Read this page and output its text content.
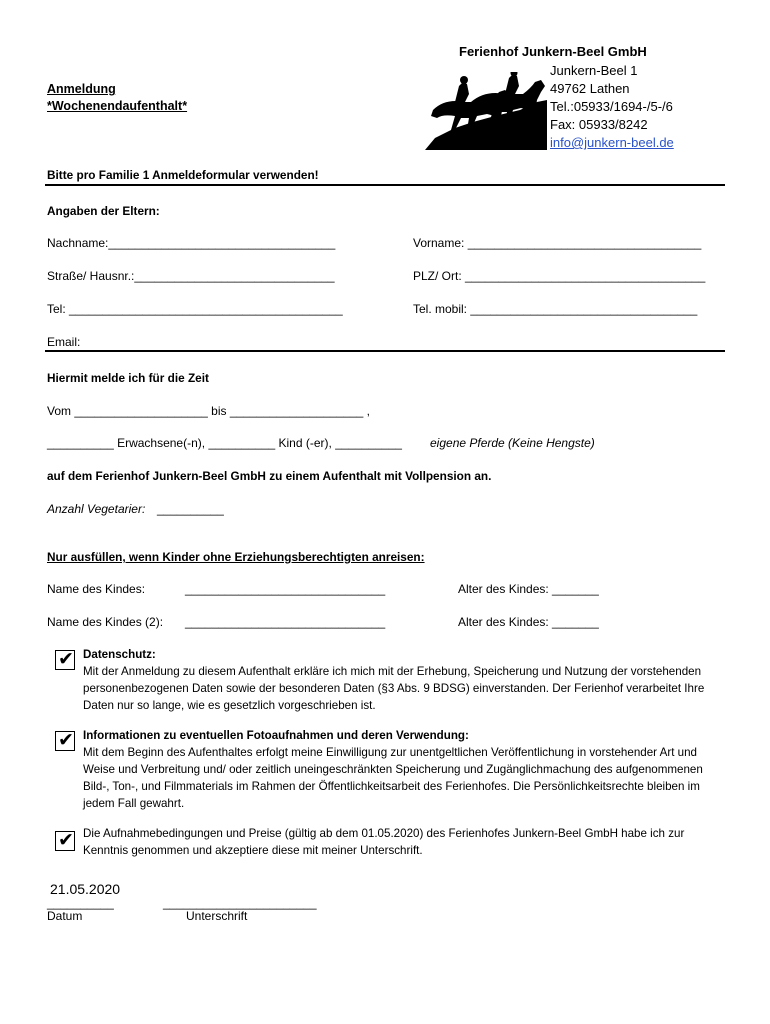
Ferienhof Junkern-Beel GmbH
Junkern-Beel 1
49762 Lathen
Tel.:05933/1694-/5-/6
Fax: 05933/8242
info@junkern-beel.de
Anmeldung
*Wochenendaufenthalt*
Bitte pro Familie 1 Anmeldeformular verwenden!
Angaben der Eltern:
Nachname:__________________________________	Vorname: ___________________________________
Straße/ Hausnr.:______________________________	PLZ/ Ort: ____________________________________
Tel: _________________________________________	Tel. mobil: __________________________________
Email:
Hiermit melde ich für die Zeit
Vom ____________________ bis ____________________ ,
__________ Erwachsene(-n), __________ Kind (-er), __________ eigene Pferde (Keine Hengste)
auf dem Ferienhof Junkern-Beel GmbH zu einem Aufenthalt mit Vollpension an.
Anzahl Vegetarier: __________
Nur ausfüllen, wenn Kinder ohne Erziehungsberechtigten anreisen:
Name des Kindes:	______________________________	Alter des Kindes: _______
Name des Kindes (2): ______________________________	Alter des Kindes: _______
✔ Datenschutz:
Mit der Anmeldung zu diesem Aufenthalt erkläre ich mich mit der Erhebung, Speicherung und Nutzung der vorstehenden personenbezogenen Daten sowie der besonderen Daten (§3 Abs. 9 BDSG) einverstanden. Der Ferienhof verarbeitet Ihre Daten nur so lange, wie es gesetzlich vorgeschrieben ist.
✔ Informationen zu eventuellen Fotoaufnahmen und deren Verwendung:
Mit dem Beginn des Aufenthaltes erfolgt meine Einwilligung zur unentgeltlichen Veröffentlichung in vorstehender Art und Weise und Verbreitung und/ oder zeitlich uneingeschränkten Speicherung und Zugänglichmachung des aufgenommenen Bild-, Ton-, und Filmmaterials im Rahmen der Öffentlichkeitsarbeit des Ferienhofes. Die Persönlichkeitsrechte bleiben im jedem Fall gewahrt.
✔ Die Aufnahmebedingungen und Preise (gültig ab dem 01.05.2020) des Ferienhofes Junkern-Beel GmbH habe ich zur Kenntnis genommen und akzeptiere diese mit meiner Unterschrift.
21.05.2020
__________	_______________________
Datum	Unterschrift
